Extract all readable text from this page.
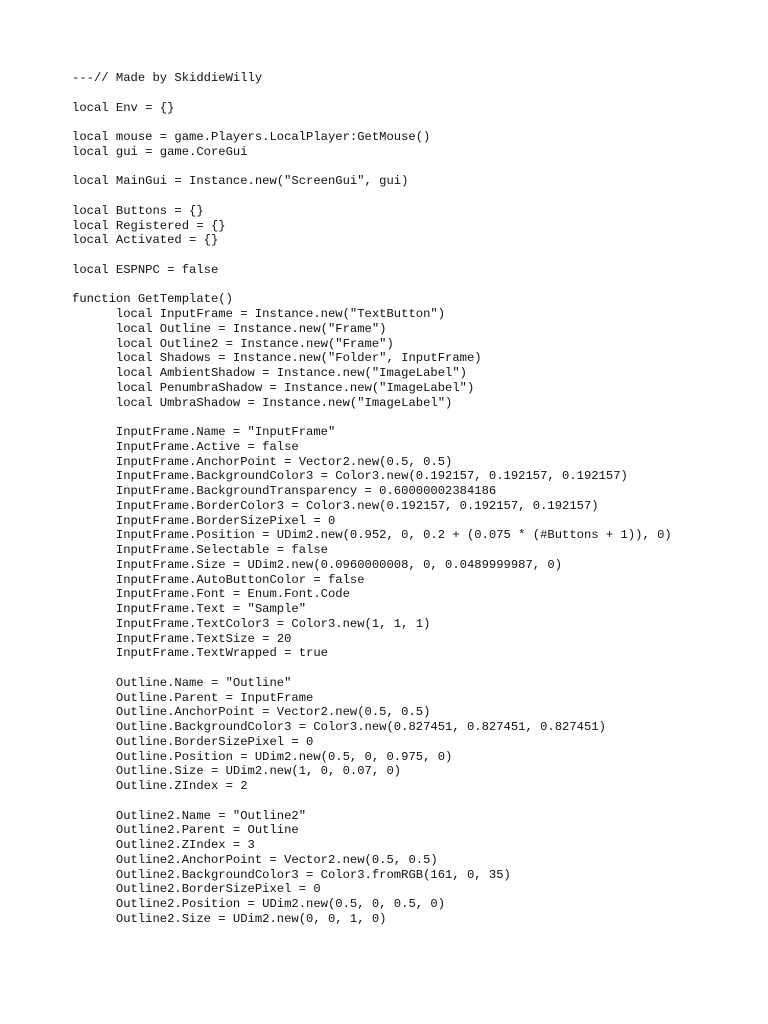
---// Made by SkiddieWilly
local Env = {}
local mouse = game.Players.LocalPlayer:GetMouse()
local gui = game.CoreGui
local MainGui = Instance.new("ScreenGui", gui)
local Buttons = {}
local Registered = {}
local Activated = {}
local ESPNPC = false
function GetTemplate()
	local InputFrame = Instance.new("TextButton")
	local Outline = Instance.new("Frame")
	local Outline2 = Instance.new("Frame")
	local Shadows = Instance.new("Folder", InputFrame)
	local AmbientShadow = Instance.new("ImageLabel")
	local PenumbraShadow = Instance.new("ImageLabel")
	local UmbraShadow = Instance.new("ImageLabel")
	InputFrame.Name = "InputFrame"
	InputFrame.Active = false
	InputFrame.AnchorPoint = Vector2.new(0.5, 0.5)
	InputFrame.BackgroundColor3 = Color3.new(0.192157, 0.192157, 0.192157)
	InputFrame.BackgroundTransparency = 0.60000002384186
	InputFrame.BorderColor3 = Color3.new(0.192157, 0.192157, 0.192157)
	InputFrame.BorderSizePixel = 0
	InputFrame.Position = UDim2.new(0.952, 0, 0.2 + (0.075 * (#Buttons + 1)), 0)
	InputFrame.Selectable = false
	InputFrame.Size = UDim2.new(0.0960000008, 0, 0.0489999987, 0)
	InputFrame.AutoButtonColor = false
	InputFrame.Font = Enum.Font.Code
	InputFrame.Text = "Sample"
	InputFrame.TextColor3 = Color3.new(1, 1, 1)
	InputFrame.TextSize = 20
	InputFrame.TextWrapped = true
	Outline.Name = "Outline"
	Outline.Parent = InputFrame
	Outline.AnchorPoint = Vector2.new(0.5, 0.5)
	Outline.BackgroundColor3 = Color3.new(0.827451, 0.827451, 0.827451)
	Outline.BorderSizePixel = 0
	Outline.Position = UDim2.new(0.5, 0, 0.975, 0)
	Outline.Size = UDim2.new(1, 0, 0.07, 0)
	Outline.ZIndex = 2
	Outline2.Name = "Outline2"
	Outline2.Parent = Outline
	Outline2.ZIndex = 3
	Outline2.AnchorPoint = Vector2.new(0.5, 0.5)
	Outline2.BackgroundColor3 = Color3.fromRGB(161, 0, 35)
	Outline2.BorderSizePixel = 0
	Outline2.Position = UDim2.new(0.5, 0, 0.5, 0)
	Outline2.Size = UDim2.new(0, 0, 1, 0)
